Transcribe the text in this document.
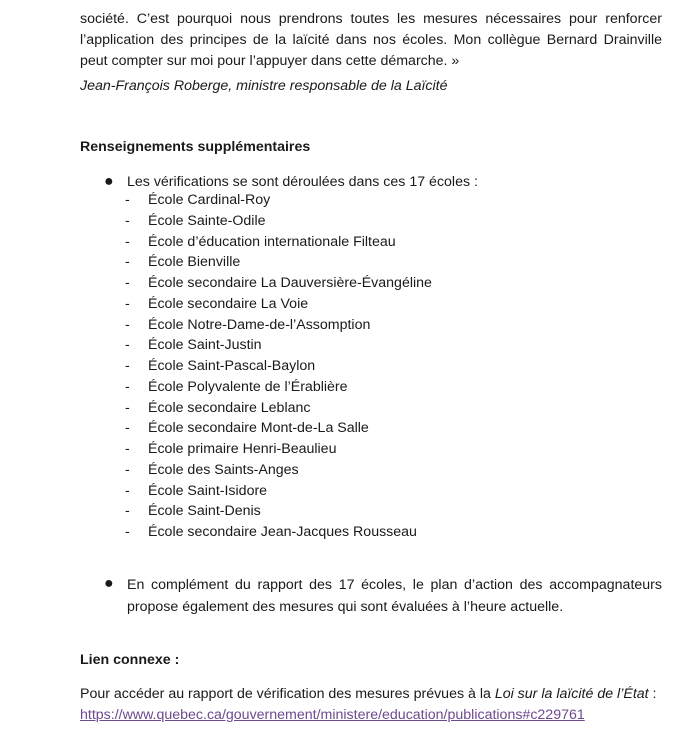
société. C’est pourquoi nous prendrons toutes les mesures nécessaires pour renforcer l’application des principes de la laïcité dans nos écoles. Mon collègue Bernard Drainville peut compter sur moi pour l’appuyer dans cette démarche. »

Jean-François Roberge, ministre responsable de la Laïcité
Renseignements supplémentaires
● Les vérifications se sont déroulées dans ces 17 écoles :
- École Cardinal-Roy
- École Sainte-Odile
- École d’éducation internationale Filteau
- École Bienville
- École secondaire La Dauversière-Évangéline
- École secondaire La Voie
- École Notre-Dame-de-l’Assomption
- École Saint-Justin
- École Saint-Pascal-Baylon
- École Polyvalente de l’Érablière
- École secondaire Leblanc
- École secondaire Mont-de-La Salle
- École primaire Henri-Beaulieu
- École des Saints-Anges
- École Saint-Isidore
- École Saint-Denis
- École secondaire Jean-Jacques Rousseau
● En complément du rapport des 17 écoles, le plan d’action des accompagnateurs propose également des mesures qui sont évaluées à l’heure actuelle.

Lien connexe :

Pour accéder au rapport de vérification des mesures prévues à la Loi sur la laïcité de l’État :
https://www.quebec.ca/gouvernement/ministere/education/publications#c229761
